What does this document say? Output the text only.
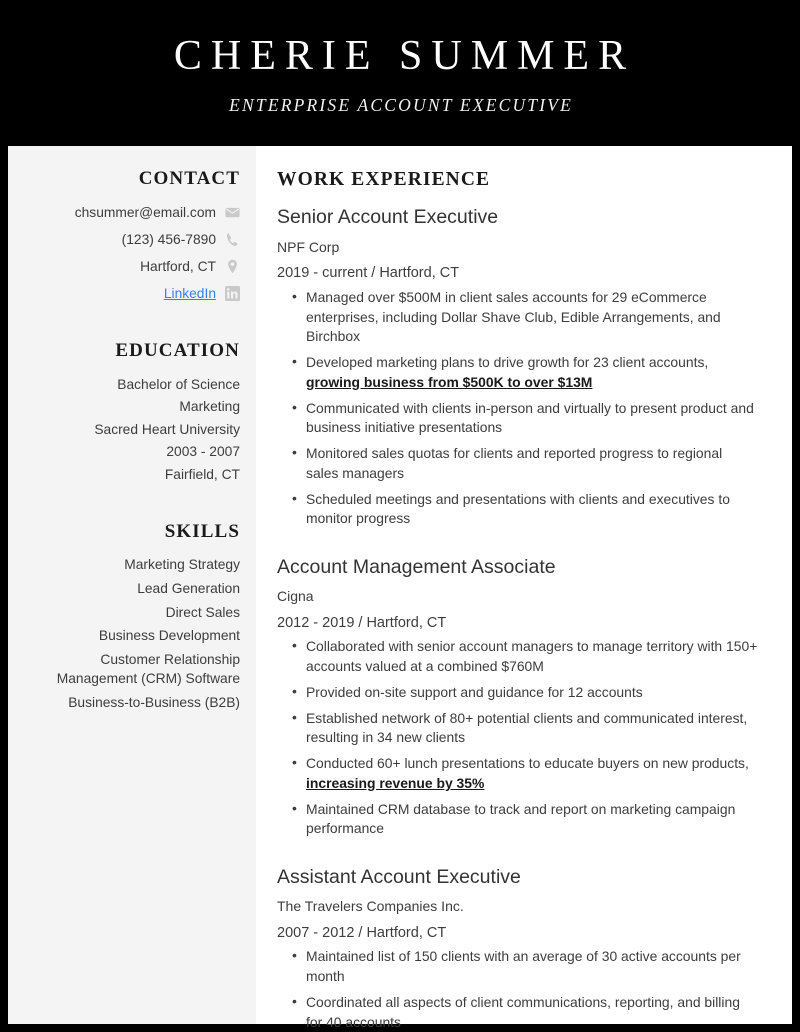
CHERIE SUMMER
ENTERPRISE ACCOUNT EXECUTIVE
CONTACT
chsummer@email.com
(123) 456-7890
Hartford, CT
LinkedIn
EDUCATION
Bachelor of Science
Marketing
Sacred Heart University
2003 - 2007
Fairfield, CT
SKILLS
Marketing Strategy
Lead Generation
Direct Sales
Business Development
Customer Relationship Management (CRM) Software
Business-to-Business (B2B)
WORK EXPERIENCE
Senior Account Executive
NPF Corp
2019 - current / Hartford, CT
• Managed over $500M in client sales accounts for 29 eCommerce enterprises, including Dollar Shave Club, Edible Arrangements, and Birchbox
• Developed marketing plans to drive growth for 23 client accounts, growing business from $500K to over $13M
• Communicated with clients in-person and virtually to present product and business initiative presentations
• Monitored sales quotas for clients and reported progress to regional sales managers
• Scheduled meetings and presentations with clients and executives to monitor progress
Account Management Associate
Cigna
2012 - 2019 / Hartford, CT
• Collaborated with senior account managers to manage territory with 150+ accounts valued at a combined $760M
• Provided on-site support and guidance for 12 accounts
• Established network of 80+ potential clients and communicated interest, resulting in 34 new clients
• Conducted 60+ lunch presentations to educate buyers on new products, increasing revenue by 35%
• Maintained CRM database to track and report on marketing campaign performance
Assistant Account Executive
The Travelers Companies Inc.
2007 - 2012 / Hartford, CT
• Maintained list of 150 clients with an average of 30 active accounts per month
• Coordinated all aspects of client communications, reporting, and billing for 40 accounts
